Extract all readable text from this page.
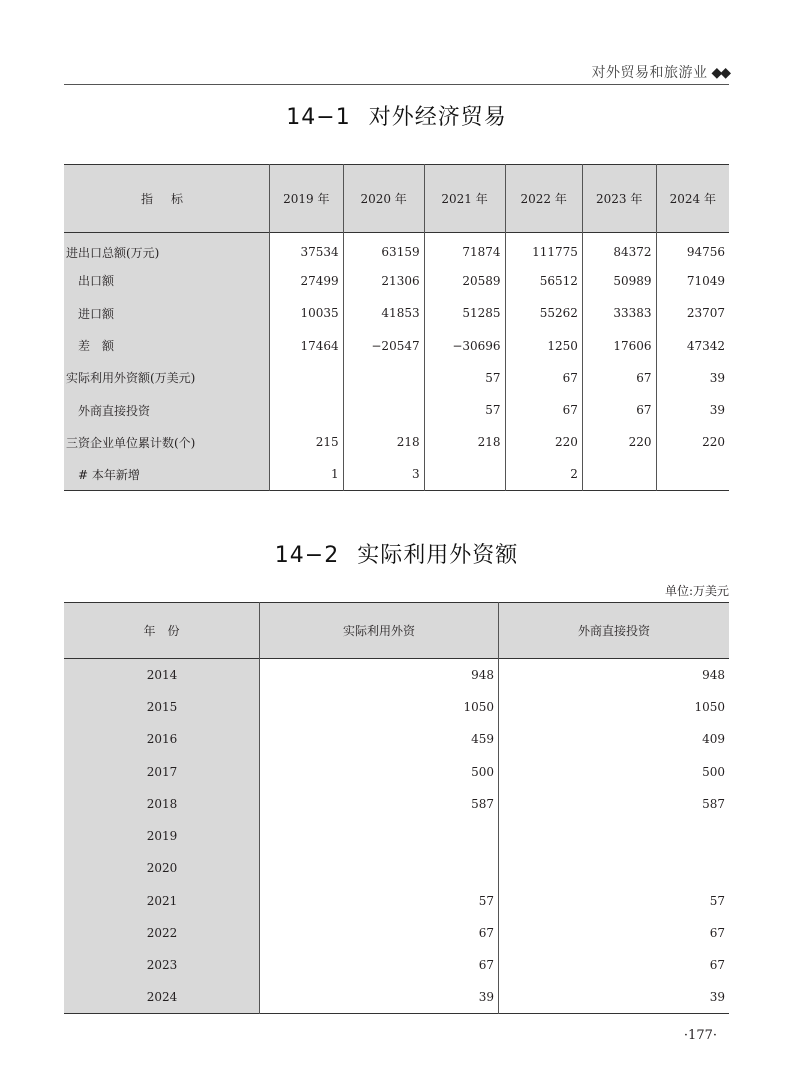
对外贸易和旅游业 ◆◆
14−1 对外经济贸易
指标	2019 年	2020 年	2021 年	2022 年	2023 年	2024 年
进出口总额(万元)	37534	63159	71874	111775	84372	94756
　出口额	27499	21306	20589	56512	50989	71049
　进口额	10035	41853	51285	55262	33383	23707
　差　额	17464	−20547	−30696	1250	17606	47342
实际利用外资额(万美元)			57	67	67	39
　外商直接投资			57	67	67	39
三资企业单位累计数(个)	215	218	218	220	220	220
　# 本年新增	1	3		2		
14−2 实际利用外资额
单位:万美元
年　份	实际利用外资	外商直接投资
2014	948	948
2015	1050	1050
2016	459	409
2017	500	500
2018	587	587
2019		
2020		
2021	57	57
2022	67	67
2023	67	67
2024	39	39
·177·
